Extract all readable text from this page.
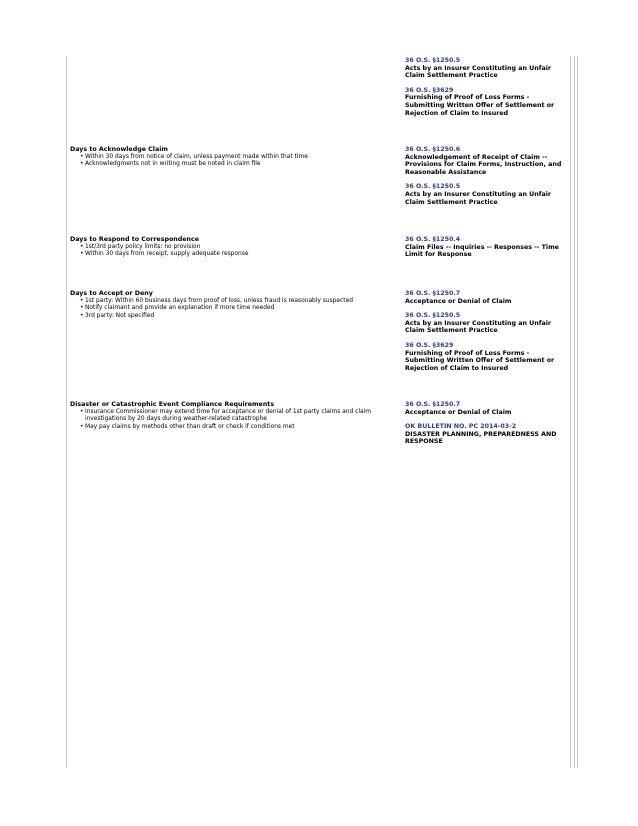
36 O.S. §1250.5
Acts by an Insurer Constituting an Unfair Claim Settlement Practice
36 O.S. §3629
Furnishing of Proof of Loss Forms - Submitting Written Offer of Settlement or Rejection of Claim to Insured
Days to Acknowledge Claim
• Within 30 days from notice of claim, unless payment made within that time
• Acknowledgments not in writing must be noted in claim file
36 O.S. §1250.6
Acknowledgement of Receipt of Claim -- Provisions for Claim Forms, Instruction, and Reasonable Assistance
36 O.S. §1250.5
Acts by an Insurer Constituting an Unfair Claim Settlement Practice
Days to Respond to Correspondence
• 1st/3rd party policy limits: no provision
• Within 30 days from receipt, supply adequate response
36 O.S. §1250.4
Claim Files -- Inquiries -- Responses -- Time Limit for Response
Days to Accept or Deny
• 1st party: Within 60 business days from proof of loss, unless fraud is reasonably suspected
• Notify claimant and provide an explanation if more time needed
• 3rd party: Not specified
36 O.S. §1250.7
Acceptance or Denial of Claim
36 O.S. §1250.5
Acts by an Insurer Constituting an Unfair Claim Settlement Practice
36 O.S. §3629
Furnishing of Proof of Loss Forms - Submitting Written Offer of Settlement or Rejection of Claim to Insured
Disaster or Catastrophic Event Compliance Requirements
• Insurance Commissioner may extend time for acceptance or denial of 1st party claims and claim investigations by 20 days during weather-related catastrophe
• May pay claims by methods other than draft or check if conditions met
36 O.S. §1250.7
Acceptance or Denial of Claim
OK BULLETIN NO. PC 2014-03-2
DISASTER PLANNING, PREPAREDNESS AND RESPONSE
